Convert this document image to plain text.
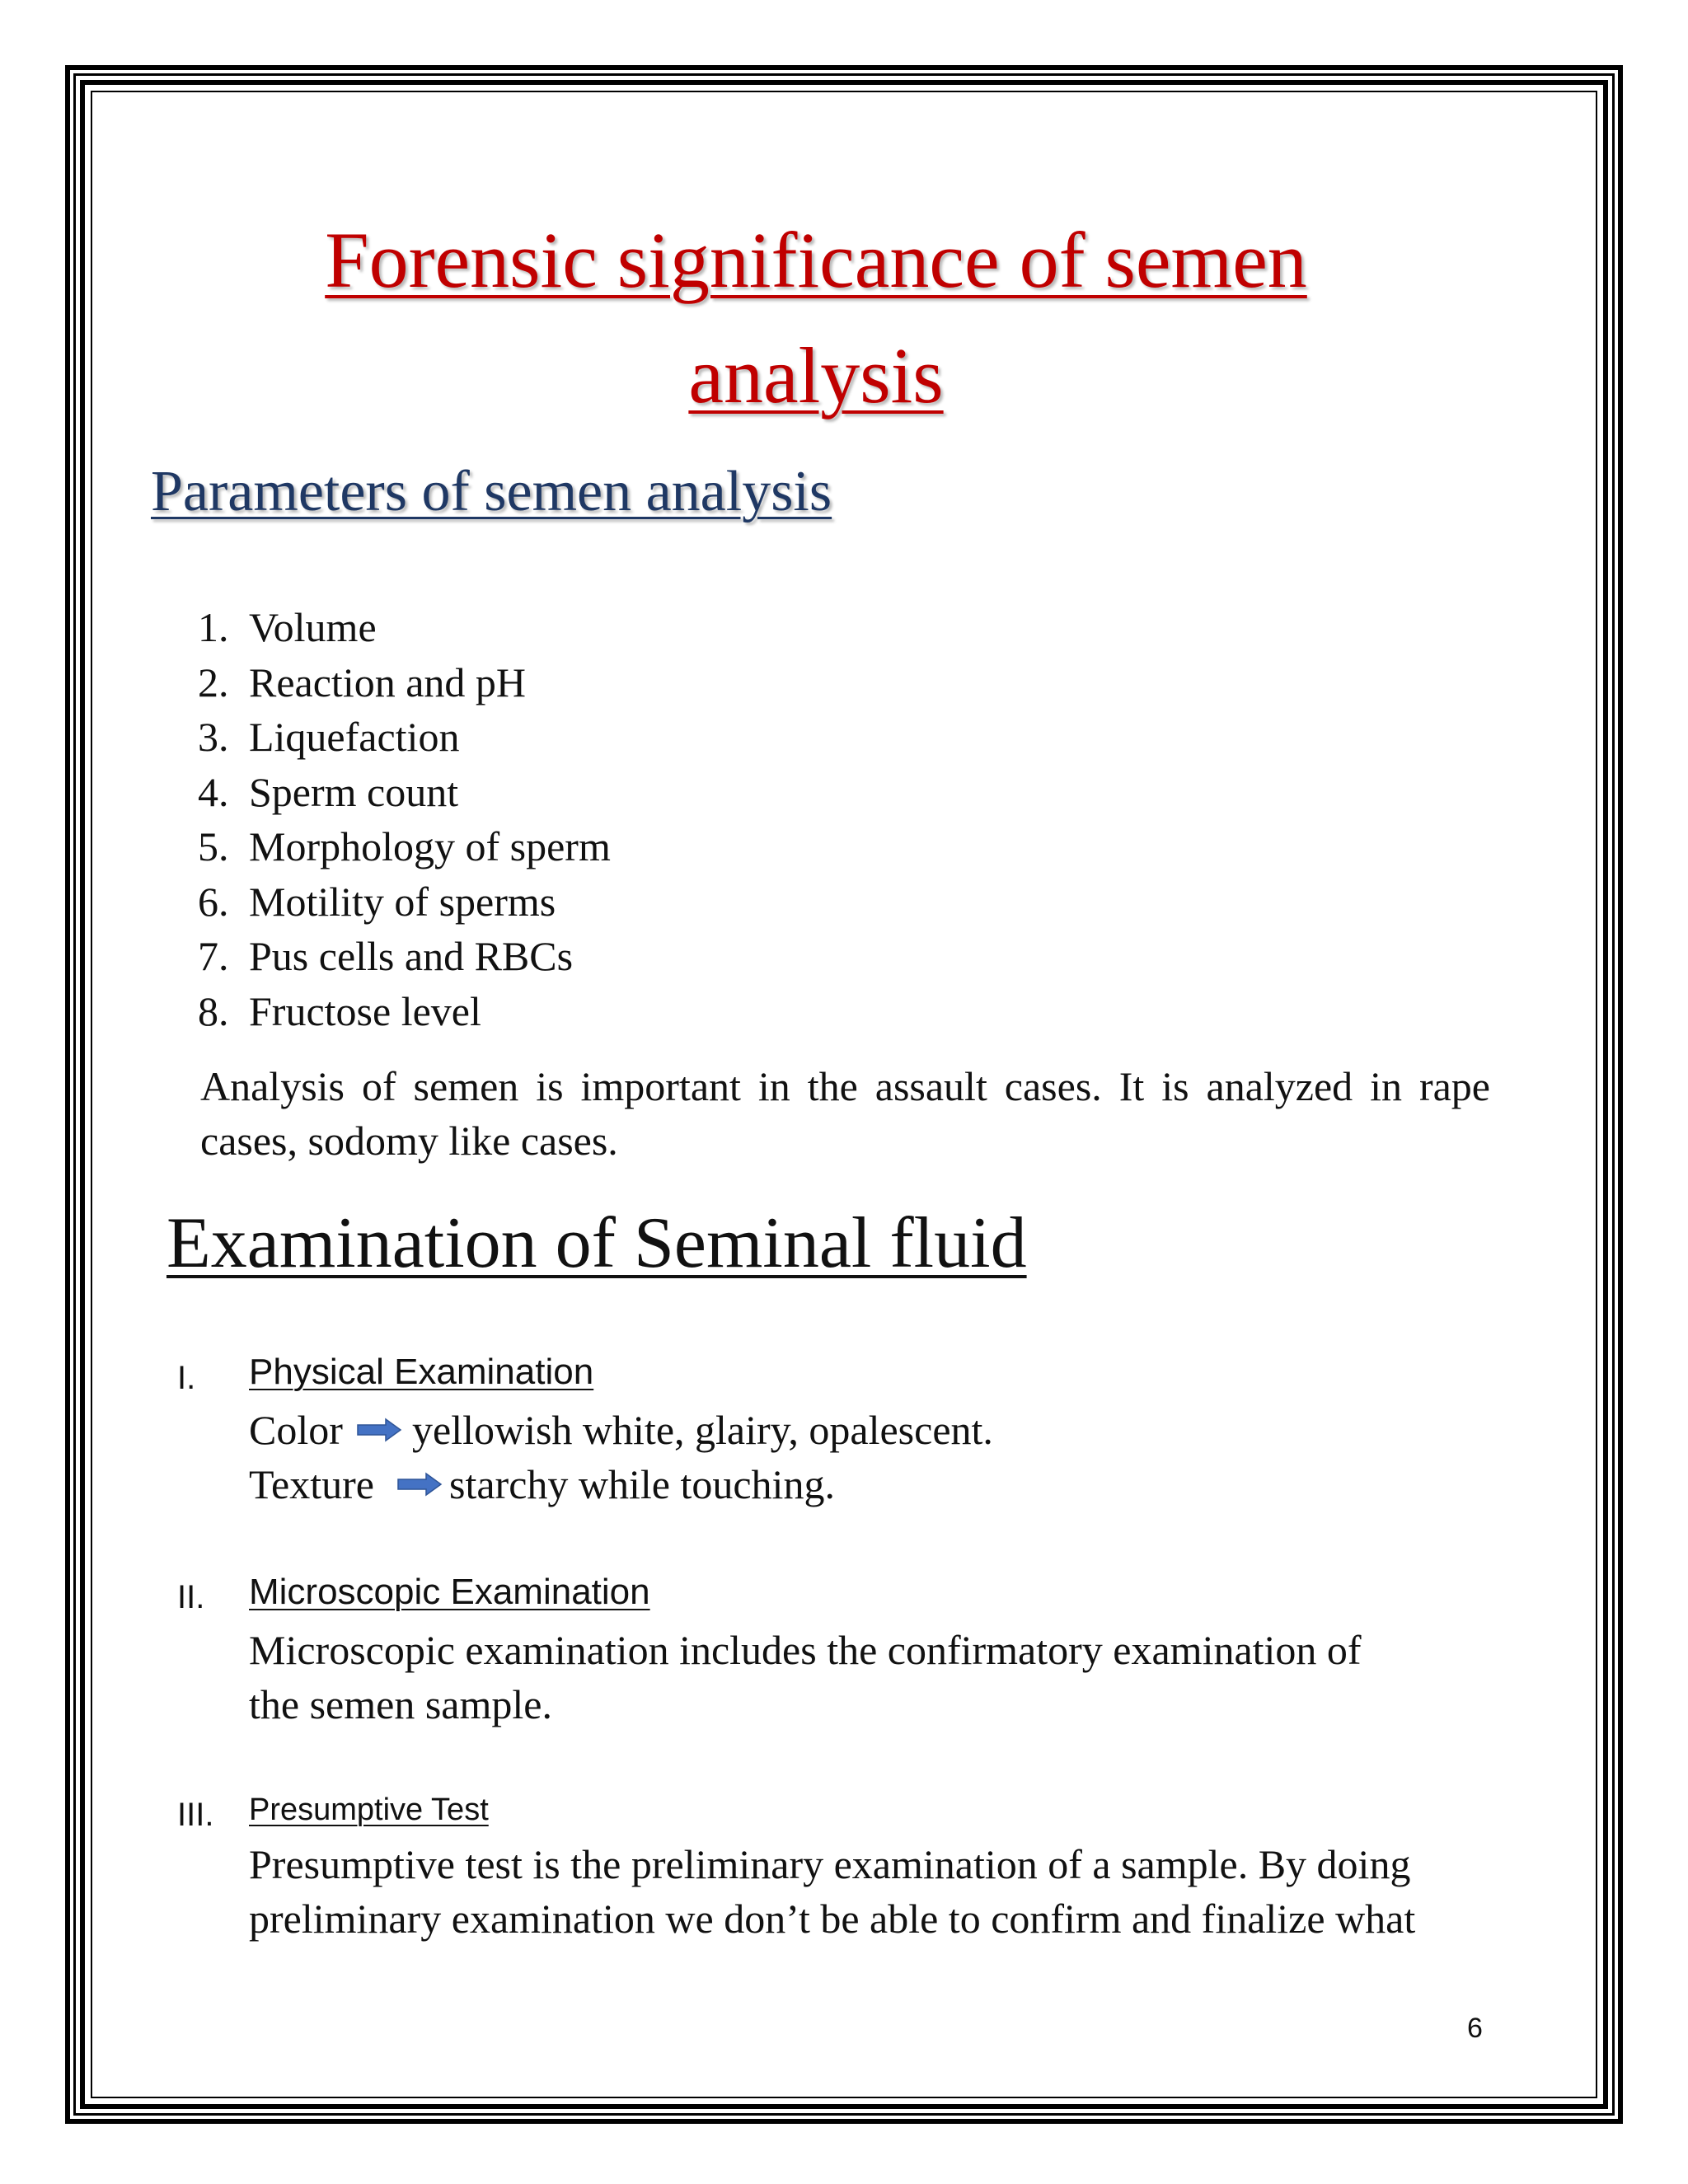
Forensic significance of semen
analysis
Parameters of semen analysis
1. Volume
2. Reaction and pH
3. Liquefaction
4. Sperm count
5. Morphology of sperm
6. Motility of sperms
7. Pus cells and RBCs
8. Fructose level
Analysis of semen is important in the assault cases. It is analyzed in rape cases, sodomy like cases.
Examination of Seminal fluid
I. Physical Examination
Color yellowish white, glairy, opalescent.
Texture starchy while touching.
II. Microscopic Examination
Microscopic examination includes the confirmatory examination of
the semen sample.
III. Presumptive Test
Presumptive test is the preliminary examination of a sample. By doing
preliminary examination we don’t be able to confirm and finalize what
6
